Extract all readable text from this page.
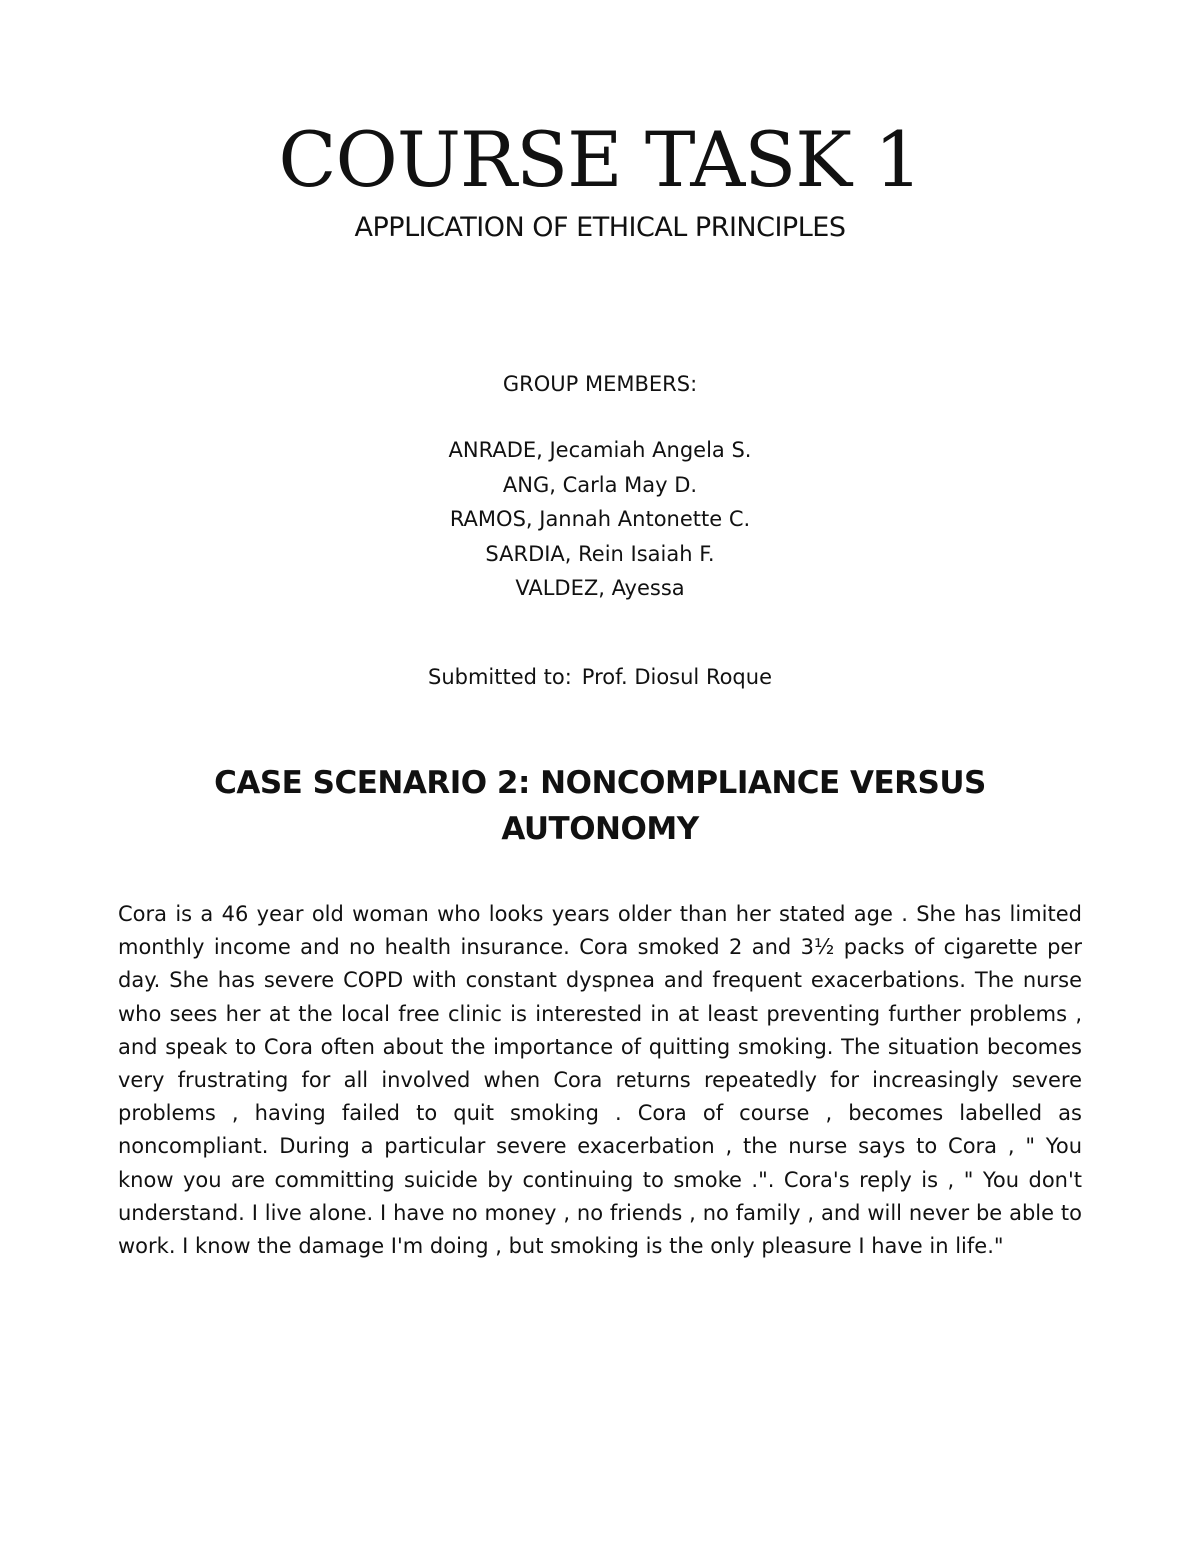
COURSE TASK 1
APPLICATION OF ETHICAL PRINCIPLES
GROUP MEMBERS:
ANRADE, Jecamiah Angela S.
ANG, Carla May D.
RAMOS, Jannah Antonette C.
SARDIA, Rein Isaiah F.
VALDEZ, Ayessa
Submitted to: Prof. Diosul Roque
CASE SCENARIO 2: NONCOMPLIANCE VERSUS
AUTONOMY
Cora is a 46 year old woman who looks years older than her stated age . She has limited monthly income and no health insurance. Cora smoked 2 and 3½ packs of cigarette per day. She has severe COPD with constant dyspnea and frequent exacerbations. The nurse who sees her at the local free clinic is interested in at least preventing further problems , and speak to Cora often about the importance of quitting smoking. The situation becomes very frustrating for all involved when Cora returns repeatedly for increasingly severe problems , having failed to quit smoking . Cora of course , becomes labelled as noncompliant. During a particular severe exacerbation , the nurse says to Cora , " You know you are committing suicide by continuing to smoke .". Cora's reply is , " You don't understand. I live alone. I have no money , no friends , no family , and will never be able to work. I know the damage I'm doing , but smoking is the only pleasure I have in life."
